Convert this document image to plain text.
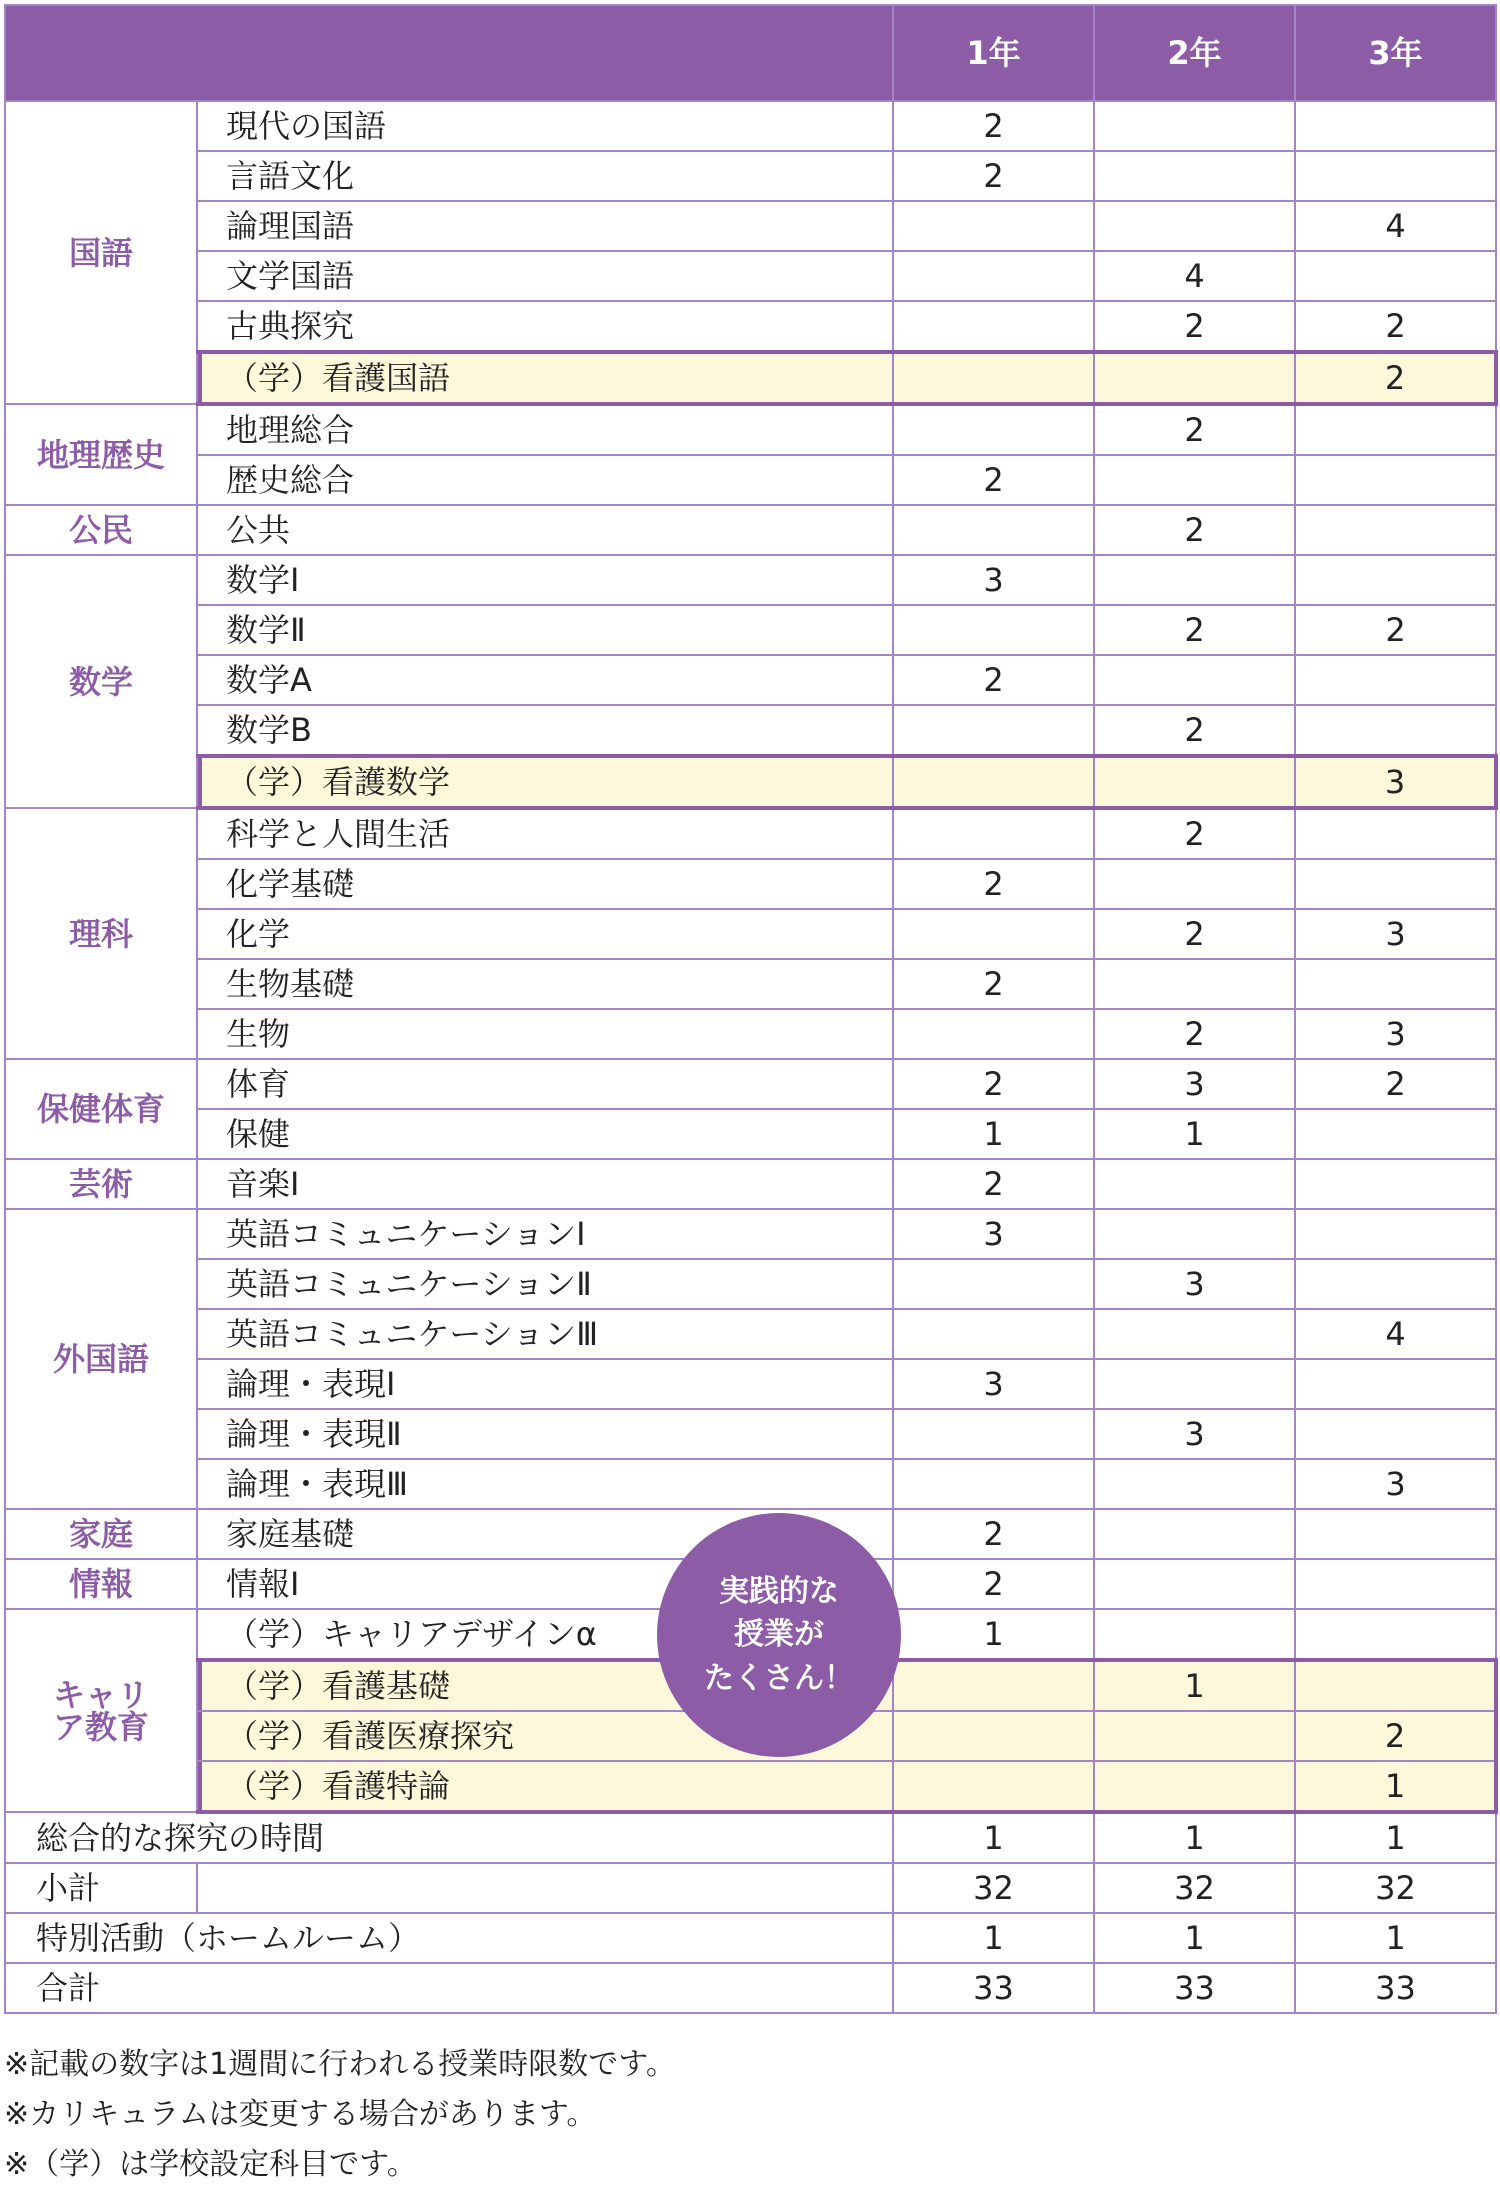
		1年	2年	3年
国語	現代の国語	2		
	言語文化	2		
	論理国語			4
	文学国語		4	
	古典探究		2	2
	（学）看護国語			2
地理歴史	地理総合		2	
	歴史総合	2		
公民	公共		2	
数学	数学Ⅰ	3		
	数学Ⅱ		2	2
	数学A	2		
	数学B		2	
	（学）看護数学			3
理科	科学と人間生活		2	
	化学基礎	2		
	化学		2	3
	生物基礎	2		
	生物		2	3
保健体育	体育	2	3	2
	保健	1	1	
芸術	音楽Ⅰ	2		
外国語	英語コミュニケーションⅠ	3		
	英語コミュニケーションⅡ		3	
	英語コミュニケーションⅢ			4
	論理・表現Ⅰ	3		
	論理・表現Ⅱ		3	
	論理・表現Ⅲ			3
家庭	家庭基礎	2		
情報	情報Ⅰ	2		
キャリア教育	（学）キャリアデザインα	1		
	（学）看護基礎		1	
	（学）看護医療探究			2
	（学）看護特論			1
総合的な探究の時間		1	1	1
小計		32	32	32
特別活動（ホームルーム）		1	1	1
合計		33	33	33
実践的な
授業が
たくさん！
※記載の数字は1週間に行われる授業時限数です。
※カリキュラムは変更する場合があります。
※（学）は学校設定科目です。
